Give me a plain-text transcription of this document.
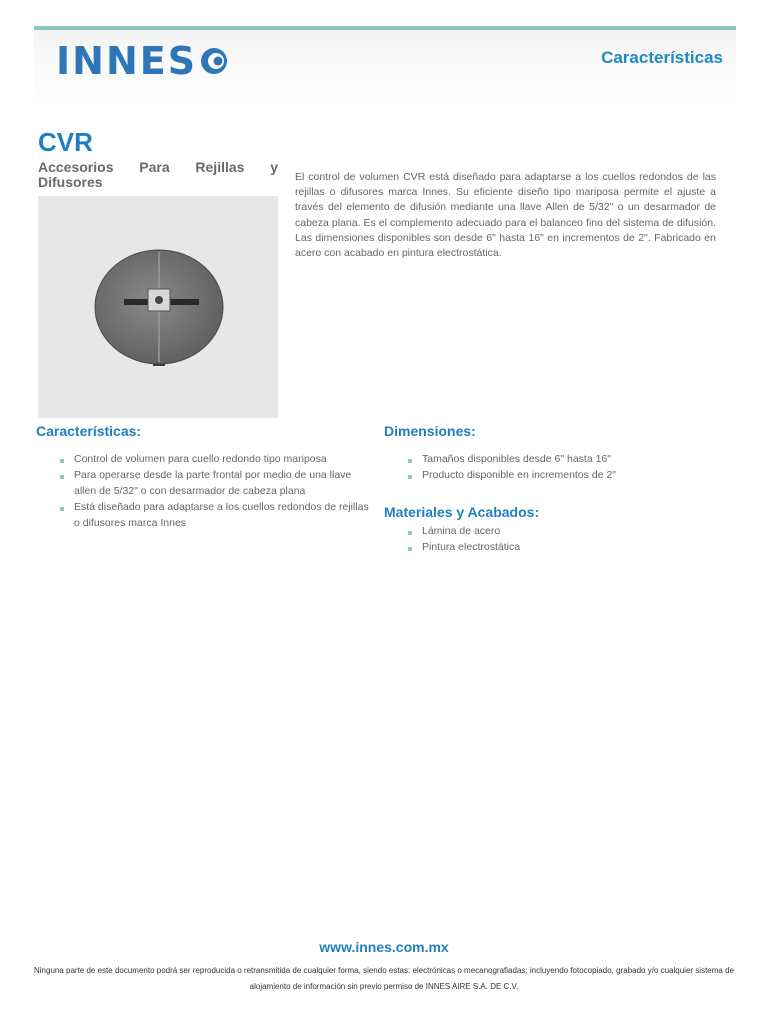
INNES	Características
CVR

Accesorios Para Rejillas y Difusores	El control de volumen CVR está diseñado para adaptarse a los cuellos redondos de las rejillas o difusores marca Innes. Su eficiente diseño tipo mariposa permite el ajuste a través del elemento de difusión mediante una llave Allen de 5/32" o un desarmador de cabeza plana. Es el complemento adecuado para el balanceo fino del sistema de difusión. Las dimensiones disponibles son desde 6" hasta 16" en incrementos de 2". Fabricado en acero con acabado en pintura electrostática.

Características:
Control de volumen para cuello redondo tipo mariposa
Para operarse desde la parte frontal por medio de una llave allen de 5/32" o con desarmador de cabeza plana
Está diseñado para adaptarse a los cuellos redondos de rejillas o difusores marca Innes
Dimensiones:
Tamaños disponibles desde 6" hasta 16"
Producto disponible en incrementos de 2"
Materiales y Acabados:
Lámina de acero
Pintura electrostática
www.innes.com.mx
Ninguna parte de este documento podrá ser reproducida o retransmitida de cualquier forma, siendo estas: electrónicas o mecanografiadas; incluyendo fotocopiado, grabado y/o cualquier sistema de alojamiento de información sin previo permiso de INNES AIRE S.A. DE C.V.
